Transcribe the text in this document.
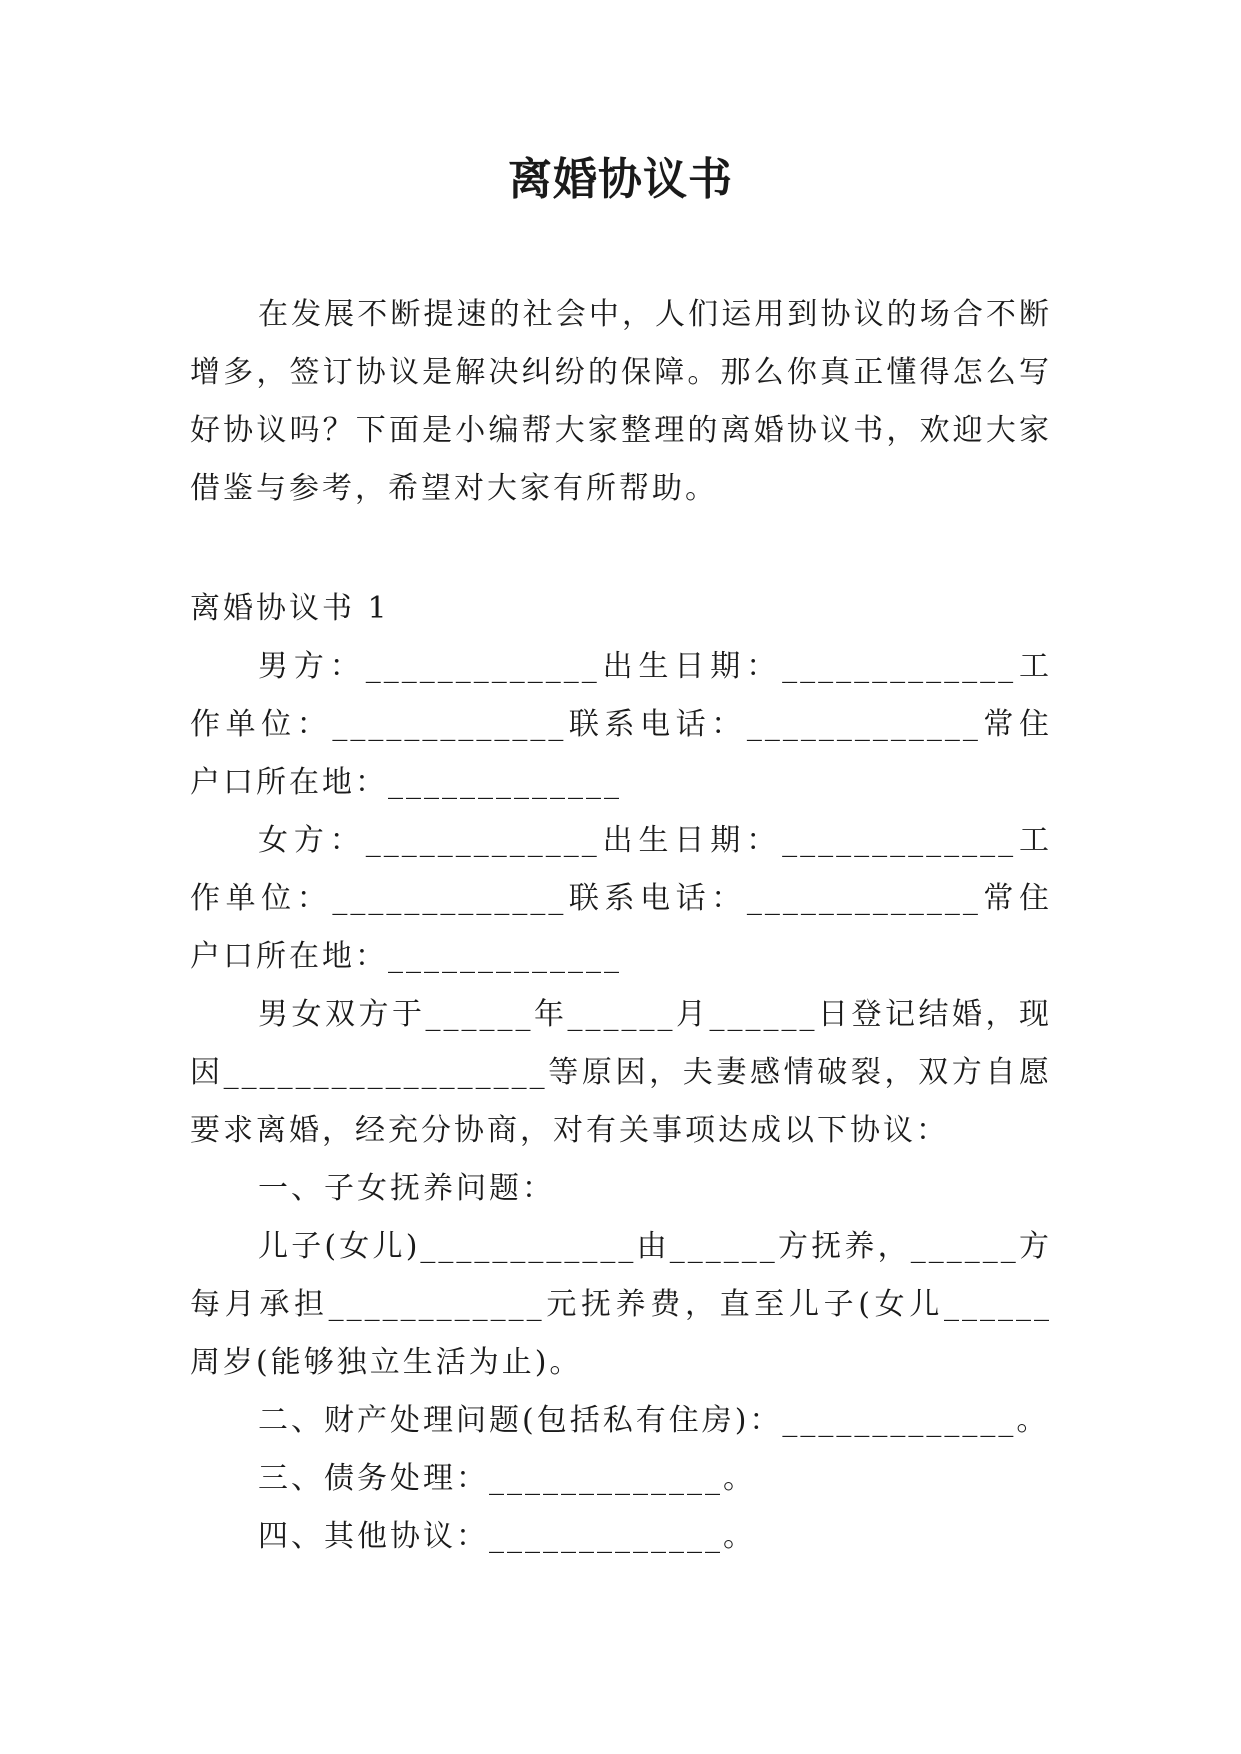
离婚协议书

在发展不断提速的社会中，人们运用到协议的场合不断增多，签订协议是解决纠纷的保障。那么你真正懂得怎么写好协议吗？下面是小编帮大家整理的离婚协议书，欢迎大家借鉴与参考，希望对大家有所帮助。

离婚协议书 1

男方：_____________出生日期：_____________工作单位：_____________联系电话：_____________常住户口所在地：_____________

女方：_____________出生日期：_____________工作单位：_____________联系电话：_____________常住户口所在地：_____________

男女双方于______年______月______日登记结婚，现因__________________等原因，夫妻感情破裂，双方自愿要求离婚，经充分协商，对有关事项达成以下协议：

一、子女抚养问题：

儿子(女儿)____________由______方抚养，______方每月承担____________元抚养费，直至儿子(女儿______周岁(能够独立生活为止)。

二、财产处理问题(包括私有住房)：_____________。

三、债务处理：_____________。

四、其他协议：_____________。
